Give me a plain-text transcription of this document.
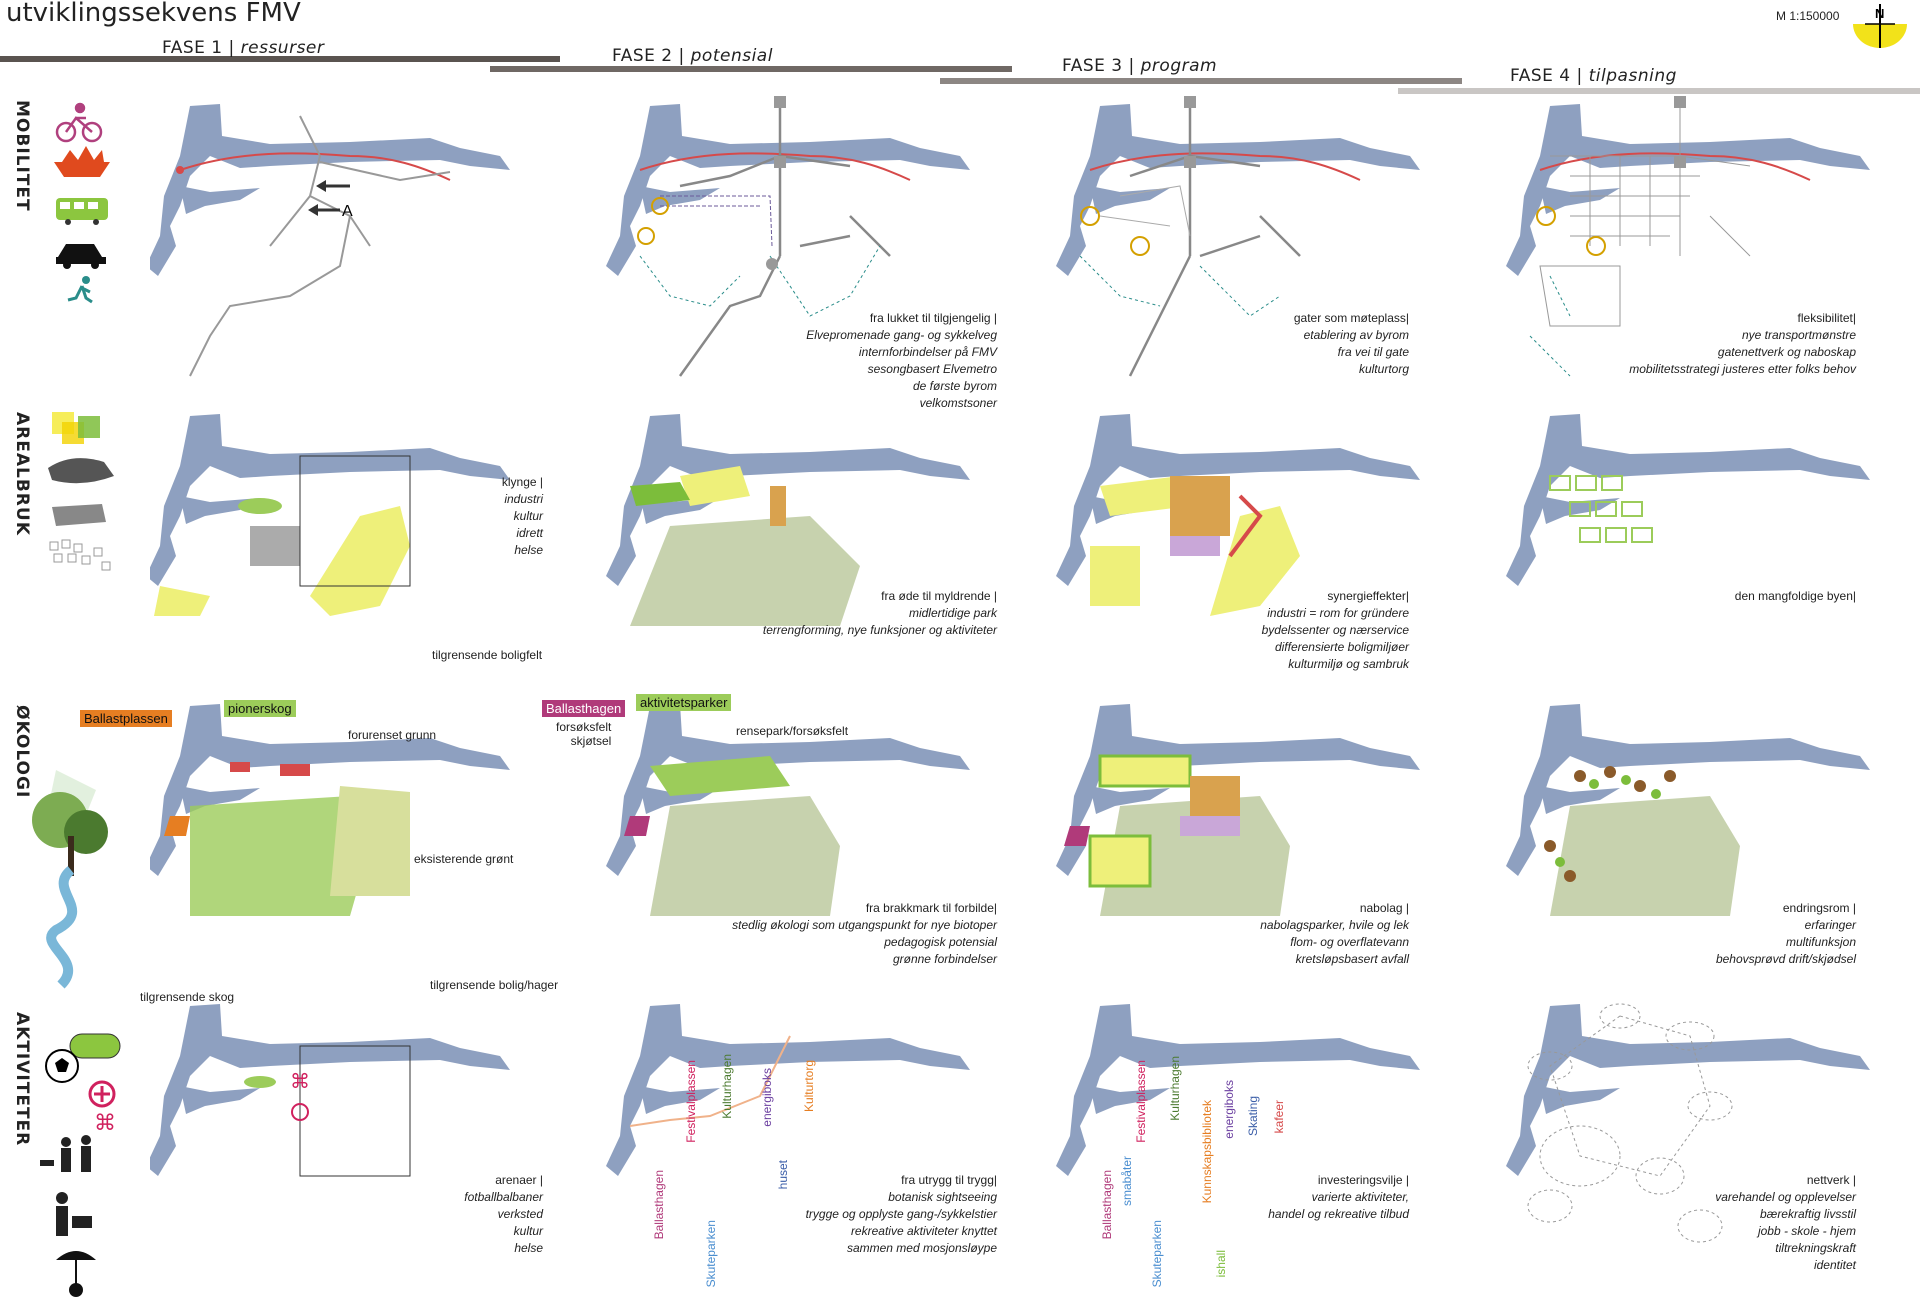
utviklingssekvens FMV	M 1:150000	N
FASE 1 | ressurser	FASE 2 | potensial	FASE 3 | program	FASE 4 | tilpasning
MOBILITET
AREALBRUK
ØKOLOGI
AKTIVITETER	⌘
A
⌘
fra lukket til tilgjengelig |
Elvepromenade gang- og sykkelveg
internforbindelser på FMV
sesongbasert Elvemetro
de første byrom
velkomstsoner
gater som møteplass|
etablering av byrom
fra vei til gate
kulturtorg
fleksibilitet|
nye transportmønstre
gatenettverk og naboskap
mobilitetsstrategi justeres etter folks behov
klynge |
industri
kultur
idrett
helse
tilgrensende boligfelt
fra øde til myldrende |
midlertidige park
terrengforming, nye funksjoner og aktiviteter
synergieffekter|
industri = rom for gründere
bydelssenter og nærservice
differensierte boligmiljøer
kulturmiljø og sambruk
den mangfoldige byen|
Ballastplassen
pionerskog
forurenset grunn
eksisterende grønt
tilgrensende skog
tilgrensende bolig/hager
Ballasthagen	aktivitetsparker
forsøksfelt
skjøtsel
rensepark/forsøksfelt
fra brakkmark til forbilde|
stedlig økologi som utgangspunkt for nye biotoper
pedagogisk potensial
grønne forbindelser
nabolag |
nabolagsparker, hvile og lek
flom- og overflatevann
kretsløpsbasert avfall
endringsrom |
erfaringer
multifunksjon
behovsprøvd drift/skjødsel
arenaer |
fotballbalbaner
verksted
kultur
helse
fra utrygg til trygg|
botanisk sightseeing
trygge og opplyste gang-/sykkelstier
rekreative aktiviteter knyttet
sammen med mosjonsløype
investeringsvilje |
varierte aktiviteter,
handel og rekreative tilbud
nettverk |
varehandel og opplevelser
bærekraftig livsstil
jobb - skole - hjem
tiltrekningskraft
identitet
Festivalplassen Kulturhagen energiboks Kulturtorg
Ballasthagen	huset
Skuteparken
Festivalplassen Kulturhagen
Kunnskapsbibliotek energiboks Skating kafeer
Ballasthagen smabåter
Skuteparken	ishall
